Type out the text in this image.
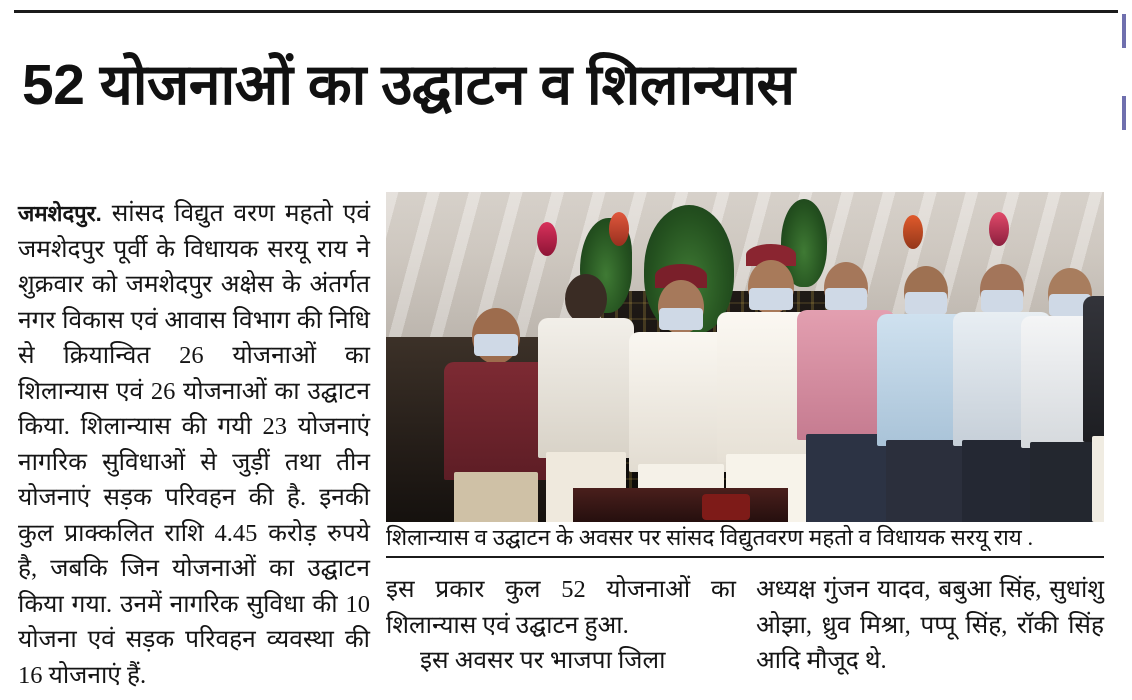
52 योजनाओं का उद्घाटन व शिलान्यास
जमशेदपुर. सांसद विद्युत वरण महतो एवं जमशेदपुर पूर्वी के विधायक सरयू राय ने शुक्रवार को जमशेदपुर अक्षेस के अंतर्गत नगर विकास एवं आवास विभाग की निधि से क्रियान्वित 26 योजनाओं का शिलान्यास एवं 26 योजनाओं का उद्घाटन किया. शिलान्यास की गयी 23 योजनाएं नागरिक सुविधाओं से जुड़ीं तथा तीन योजनाएं सड़क परिवहन की है. इनकी कुल प्राक्कलित राशि 4.45 करोड़ रुपये है, जबकि जिन योजनाओं का उद्घाटन किया गया. उनमें नागरिक सुविधा की 10 योजना एवं सड़क परिवहन व्यवस्था की 16 योजनाएं हैं.
शिलान्यास व उद्घाटन के अवसर पर सांसद विद्युतवरण महतो व विधायक सरयू राय .
इस प्रकार कुल 52 योजनाओं का शिलान्यास एवं उद्घाटन हुआ.
इस अवसर पर भाजपा जिला
अध्यक्ष गुंजन यादव, बबुआ सिंह, सुधांशु ओझा, ध्रुव मिश्रा, पप्पू सिंह, रॉकी सिंह आदि मौजूद थे.
